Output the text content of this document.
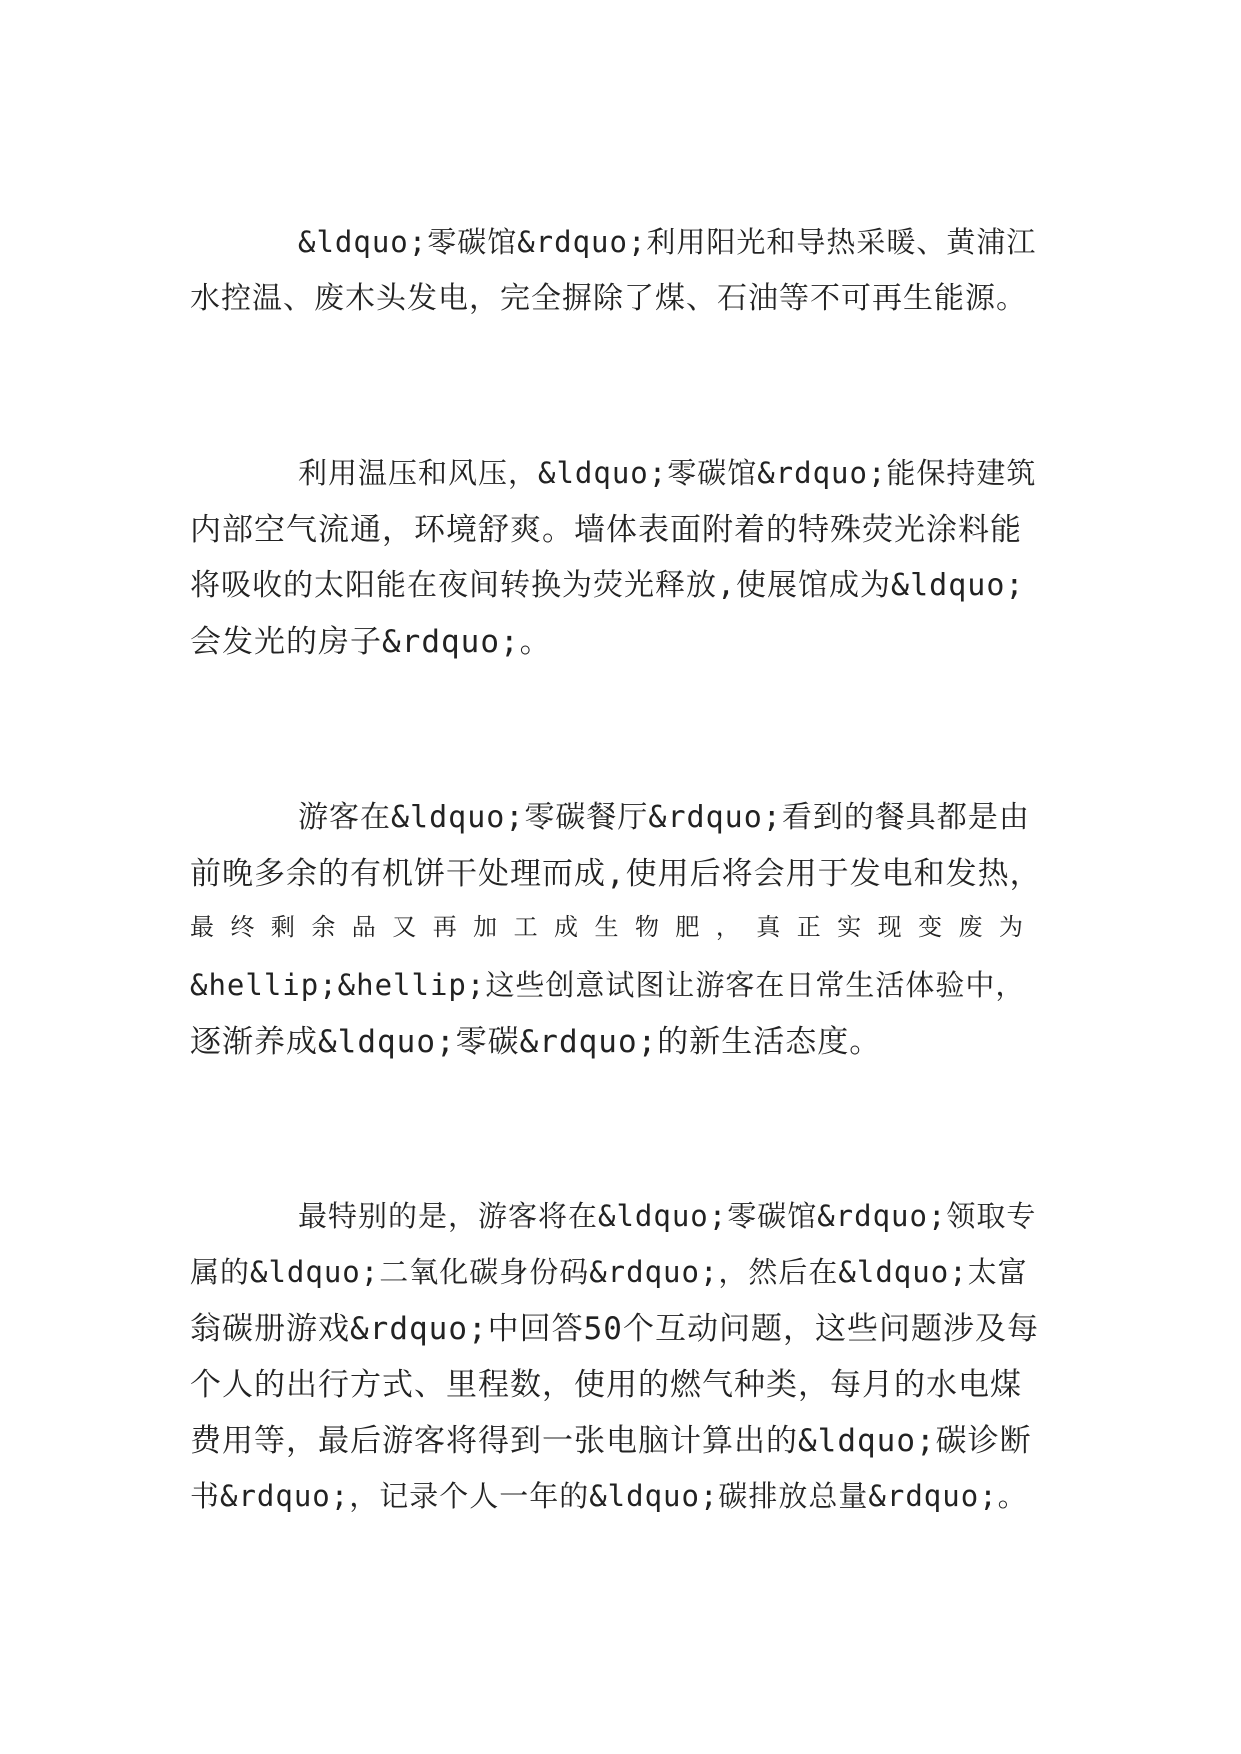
&ldquo;零碳馆&rdquo;利用阳光和导热采暖、黄浦江
水控温、废木头发电，完全摒除了煤、石油等不可再生能源。
利用温压和风压，&ldquo;零碳馆&rdquo;能保持建筑
内部空气流通，环境舒爽。墙体表面附着的特殊荧光涂料能
将吸收的太阳能在夜间转换为荧光释放,使展馆成为&ldquo;
会发光的房子&rdquo;。
游客在&ldquo;零碳餐厅&rdquo;看到的餐具都是由
前晚多余的有机饼干处理而成,使用后将会用于发电和发热，
最 终 剩 余 品 又 再 加 工 成 生 物 肥 ， 真 正 实 现 变 废 为
&hellip;&hellip;这些创意试图让游客在日常生活体验中，
逐渐养成&ldquo;零碳&rdquo;的新生活态度。
最特别的是，游客将在&ldquo;零碳馆&rdquo;领取专
属的&ldquo;二氧化碳身份码&rdquo;，然后在&ldquo;太富
翁碳册游戏&rdquo;中回答50个互动问题，这些问题涉及每
个人的出行方式、里程数，使用的燃气种类，每月的水电煤
费用等，最后游客将得到一张电脑计算出的&ldquo;碳诊断
书&rdquo;，记录个人一年的&ldquo;碳排放总量&rdquo;。
